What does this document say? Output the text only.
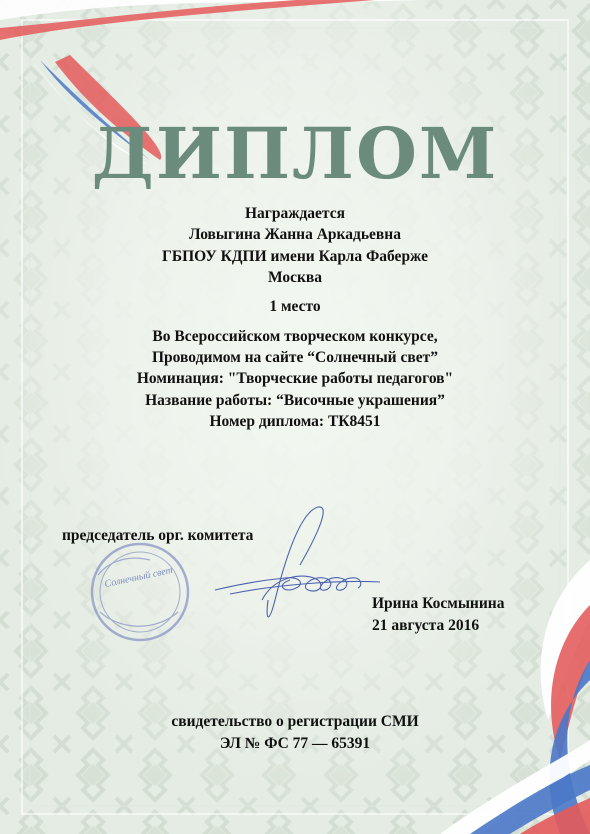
ДИПЛОМ

Награждается

Ловыгина Жанна Аркадьевна

ГБПОУ КДПИ имени Карла Фаберже

Москва

1 место

Во Всероссийском творческом конкурсе,

Проводимом на сайте “Солнечный свет”

Номинация: "Творческие работы педагогов"

Название работы: “Височные украшения”

Номер диплома: ТК8451

председатель орг. комитета

Солнечный свет

Ирина Космынина

21 августа 2016

свидетельство о регистрации СМИ

ЭЛ № ФС 77 — 65391
